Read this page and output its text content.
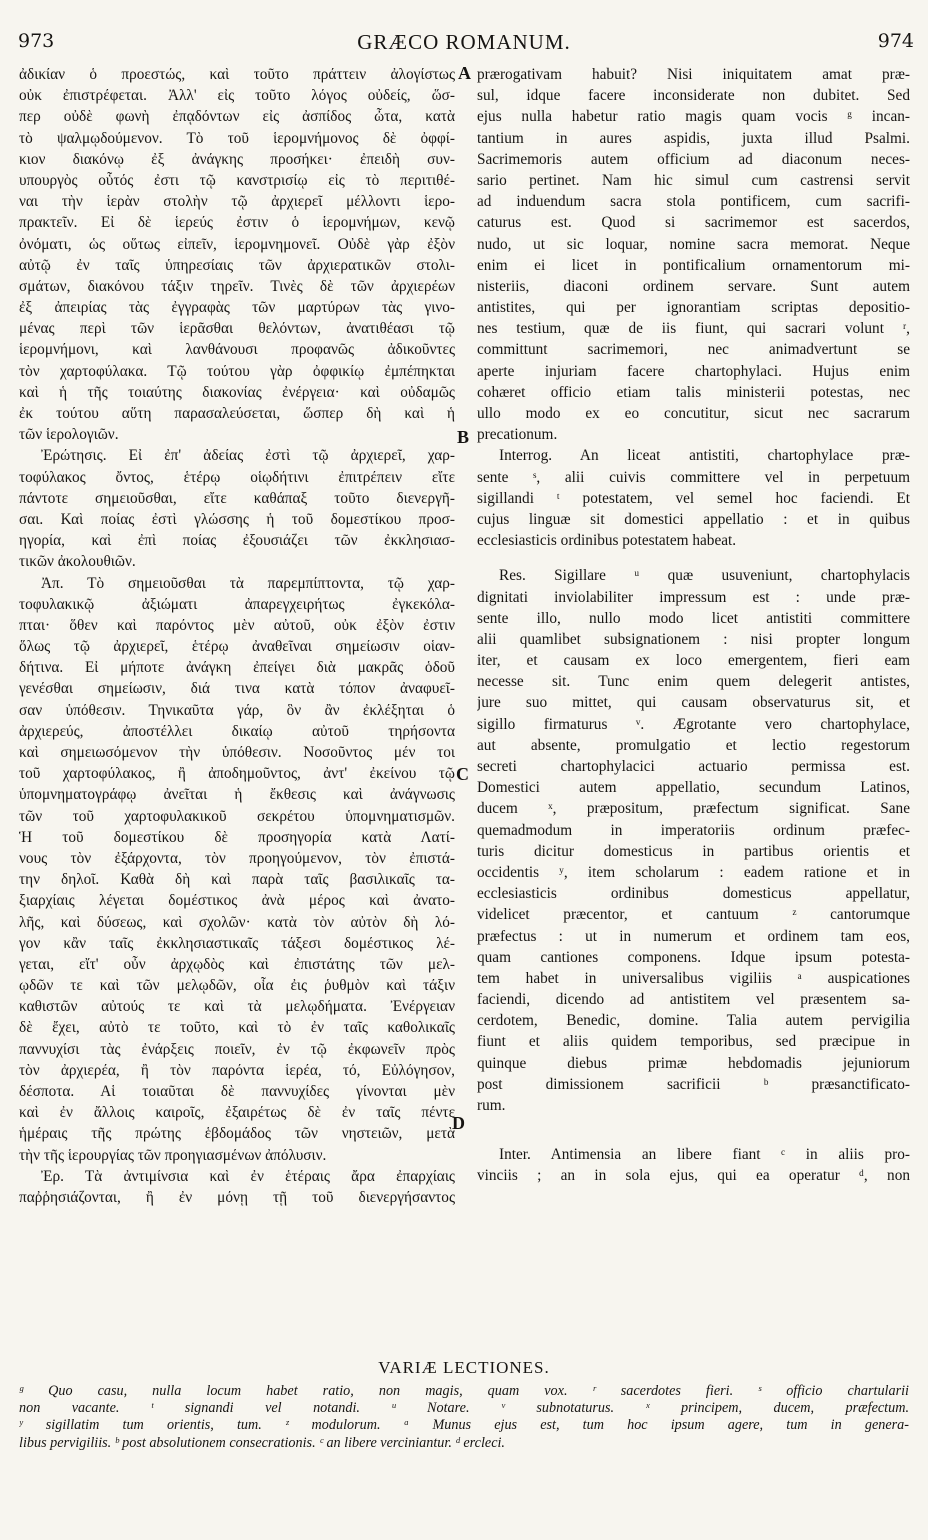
973	GRÆCO ROMANUM.	974
ἀδικίαν ὁ προεστώς, καὶ τοῦτο πράττειν ἀλογίστως
οὐκ ἐπιστρέφεται. Ἀλλ' εἰς τοῦτο λόγος οὐδείς, ὥσ-
περ οὐδὲ φωνὴ ἐπᾳδόντων εἰς ἀσπίδος ὦτα, κατὰ
τὸ ψαλμῳδούμενον. Τὸ τοῦ ἱερομνήμονος δὲ ὀφφί-
κιον διακόνῳ ἐξ ἀνάγκης προσήκει· ἐπειδὴ συν-
υπουργὸς οὗτός ἐστι τῷ κανστρισίῳ εἰς τὸ περιτιθέ-
ναι τὴν ἱερὰν στολὴν τῷ ἀρχιερεῖ μέλλοντι ἱερο-
πρακτεῖν. Εἰ δὲ ἱερεύς ἐστιν ὁ ἱερομνήμων, κενῷ
ὀνόματι, ὡς οὕτως εἰπεῖν, ἱερομνημονεῖ. Οὐδὲ γὰρ ἐξὸν
αὐτῷ ἐν ταῖς ὑπηρεσίαις τῶν ἀρχιερατικῶν στολι-
σμάτων, διακόνου τάξιν τηρεῖν. Τινὲς δὲ τῶν ἀρχιερέων
ἐξ ἀπειρίας τὰς ἐγγραφὰς τῶν μαρτύρων τὰς γινο-
μένας περὶ τῶν ἱερᾶσθαι θελόντων, ἀνατιθέασι τῷ
ἱερομνήμονι, καὶ λανθάνουσι προφανῶς ἀδικοῦντες
τὸν χαρτοφύλακα. Τῷ τούτου γὰρ ὀφφικίῳ ἐμπέπηκται
καὶ ἡ τῆς τοιαύτης διακονίας ἐνέργεια· καὶ οὐδαμῶς
ἐκ τούτου αὕτη παρασαλεύσεται, ὥσπερ δὴ καὶ ἡ
τῶν ἱερολογιῶν.
Ἐρώτησις. Εἰ ἐπ' ἀδείας ἐστὶ τῷ ἀρχιερεῖ, χαρ-
τοφύλακος ὄντος, ἑτέρῳ οἱῳδήτινι ἐπιτρέπειν εἴτε
πάντοτε σημειοῦσθαι, εἴτε καθάπαξ τοῦτο διενεργῆ-
σαι. Καὶ ποίας ἐστὶ γλώσσης ἡ τοῦ δομεστίκου προσ-
ηγορία, καὶ ἐπὶ ποίας ἐξουσιάζει τῶν ἐκκλησιασ-
τικῶν ἀκολουθιῶν.
Ἀπ. Τὸ σημειοῦσθαι τὰ παρεμπίπτοντα, τῷ χαρ-
τοφυλακικῷ ἀξιώματι ἀπαρεγχειρήτως ἐγκεκόλα-
πται· ὅθεν καὶ παρόντος μὲν αὐτοῦ, οὐκ ἐξὸν ἐστιν
ὅλως τῷ ἀρχιερεῖ, ἑτέρῳ ἀναθεῖναι σημείωσιν οἱαν-
δήτινα. Εἰ μήποτε ἀνάγκη ἐπείγει διὰ μακρᾶς ὁδοῦ
γενέσθαι σημείωσιν, διά τινα κατὰ τόπον ἀναφυεῖ-
σαν ὑπόθεσιν. Τηνικαῦτα γάρ, ὃν ἂν ἐκλέξηται ὁ
ἀρχιερεύς, ἀποστέλλει δικαίῳ αὐτοῦ τηρήσοντα
καὶ σημειωσόμενον τὴν ὑπόθεσιν. Νοσοῦντος μέν τοι
τοῦ χαρτοφύλακος, ἢ ἀποδημοῦντος, ἀντ' ἐκείνου τῷ
ὑπομνηματογράφῳ ἀνεῖται ἡ ἔκθεσις καὶ ἀνάγνωσις
τῶν τοῦ χαρτοφυλακικοῦ σεκρέτου ὑπομνηματισμῶν.
Ἡ τοῦ δομεστίκου δὲ προσηγορία κατὰ Λατί-
νους τὸν ἐξάρχοντα, τὸν προηγούμενον, τὸν ἐπιστά-
την δηλοῖ. Καθὰ δὴ καὶ παρὰ ταῖς βασιλικαῖς τα-
ξιαρχίαις λέγεται δομέστικος ἀνὰ μέρος καὶ ἀνατο-
λῆς, καὶ δύσεως, καὶ σχολῶν· κατὰ τὸν αὐτὸν δὴ λό-
γον κἂν ταῖς ἐκκλησιαστικαῖς τάξεσι δομέστικος λέ-
γεται, εἴτ' οὖν ἀρχῳδὸς καὶ ἐπιστάτης τῶν μελ-
ῳδῶν τε καὶ τῶν μελῳδῶν, οἷα ἐις ῥυθμὸν καὶ τάξιν
καθιστῶν αὐτούς τε καὶ τὰ μελῳδήματα. Ἐνέργειαν
δὲ ἔχει, αὐτὸ τε τοῦτο, καὶ τὸ ἐν ταῖς καθολικαῖς
παννυχίσι τὰς ἐνάρξεις ποιεῖν, ἐν τῷ ἐκφωνεῖν πρὸς
τὸν ἀρχιερέα, ἢ τὸν παρόντα ἱερέα, τό, Εὐλόγησον,
δέσποτα. Αἱ τοιαῦται δὲ παννυχίδες γίνονται μὲν
καὶ ἐν ἄλλοις καιροῖς, ἐξαιρέτως δὲ ἐν ταῖς πέντε
ἡμέραις τῆς πρώτης ἑβδομάδος τῶν νηστειῶν, μετὰ
τὴν τῆς ἱερουργίας τῶν προηγιασμένων ἀπόλυσιν.
Ἐρ. Τὰ ἀντιμίνσια καὶ ἐν ἑτέραις ἄρα ἐπαρχίαις
παῤῥησιάζονται, ἢ ἐν μόνῃ τῇ τοῦ διενεργήσαντος
prærogativam habuit? Nisi iniquitatem amat præ-
sul, idque facere inconsiderate non dubitet. Sed
ejus nulla habetur ratio magis quam vocis ᵍ incan-
tantium in aures aspidis, juxta illud Psalmi.
Sacrimemoris autem officium ad diaconum neces-
sario pertinet. Nam hic simul cum castrensi servit
ad induendum sacra stola pontificem, cum sacrifi-
caturus est. Quod si sacrimemor est sacerdos,
nudo, ut sic loquar, nomine sacra memorat. Neque
enim ei licet in pontificalium ornamentorum mi-
nisteriis, diaconi ordinem servare. Sunt autem
antistites, qui per ignorantiam scriptas depositio-
nes testium, quæ de iis fiunt, qui sacrari volunt ʳ,
committunt sacrimemori, nec animadvertunt se
aperte injuriam facere chartophylaci. Hujus enim
cohæret officio etiam talis ministerii potestas, nec
ullo modo ex eo concutitur, sicut nec sacrarum
precationum.
Interrog. An liceat antistiti, chartophylace præ-
sente ˢ, alii cuivis committere vel in perpetuum
sigillandi ᵗ potestatem, vel semel hoc faciendi. Et
cujus linguæ sit domestici appellatio : et in quibus
ecclesiasticis ordinibus potestatem habeat.
Res. Sigillare ᵘ quæ usuveniunt, chartophylacis
dignitati inviolabiliter impressum est : unde præ-
sente illo, nullo modo licet antistiti committere
alii quamlibet subsignationem : nisi propter longum
iter, et causam ex loco emergentem, fieri eam
necesse sit. Tunc enim quem delegerit antistes,
jure suo mittet, qui causam observaturus sit, et
sigillo firmaturus ᵛ. Ægrotante vero chartophylace,
aut absente, promulgatio et lectio regestorum
secreti chartophylacici actuario permissa est.
Domestici autem appellatio, secundum Latinos,
ducem ˣ, præpositum, præfectum significat. Sane
quemadmodum in imperatoriis ordinum præfec-
turis dicitur domesticus in partibus orientis et
occidentis ʸ, item scholarum : eadem ratione et in
ecclesiasticis ordinibus domesticus appellatur,
videlicet præcentor, et cantuum ᶻ cantorumque
præfectus : ut in numerum et ordinem tam eos,
quam cantiones componens. Idque ipsum potesta-
tem habet in universalibus vigiliis ᵃ auspicationes
faciendi, dicendo ad antistitem vel præsentem sa-
cerdotem, Benedic, domine. Talia autem pervigilia
fiunt et aliis quidem temporibus, sed præcipue in
quinque diebus primæ hebdomadis jejuniorum
post dimissionem sacrificii ᵇ præsanctificato-
rum.
Inter. Antimensia an libere fiant ᶜ in aliis pro-
vinciis ; an in sola ejus, qui ea operatur ᵈ, non
A
B
C
D
VARIÆ LECTIONES.
ᵍ Quo casu, nulla locum habet ratio, non magis, quam vox. ʳ sacerdotes fieri. ˢ officio chartularii
non vacante. ᵗ signandi vel notandi. ᵘ Notare. ᵛ subnotaturus. ˣ principem, ducem, præfectum.
ʸ sigillatim tum orientis, tum. ᶻ modulorum. ᵃ Munus ejus est, tum hoc ipsum agere, tum in genera-
libus pervigiliis. ᵇ post absolutionem consecrationis. ᶜ an libere verciniantur. ᵈ ercleci.
